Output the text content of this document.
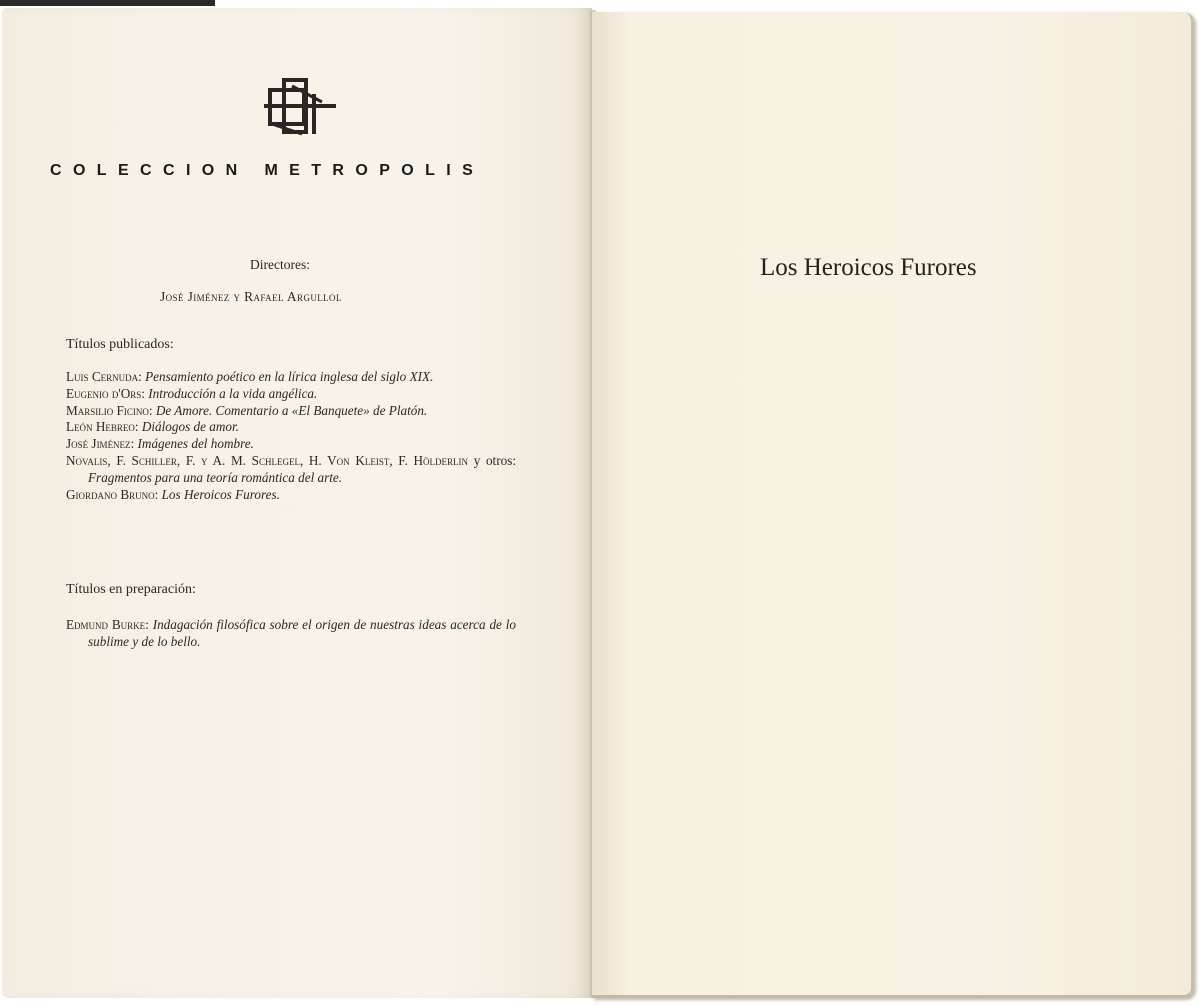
COLECCION METROPOLIS
Directores:
José Jiménez y Rafael Argullol
Títulos publicados:
Luis Cernuda: Pensamiento poético en la lírica inglesa del siglo XIX.
Eugenio d'Ors: Introducción a la vida angélica.
Marsilio Ficino: De Amore. Comentario a «El Banquete» de Platón.
León Hebreo: Diálogos de amor.
José Jiménez: Imágenes del hombre.
Novalis, F. Schiller, F. y A. M. Schlegel, H. Von Kleist, F. Hölderlin y otros: Fragmentos para una teoría romántica del arte.
Giordano Bruno: Los Heroicos Furores.
Títulos en preparación:
Edmund Burke: Indagación filosófica sobre el origen de nuestras ideas acerca de lo sublime y de lo bello.
Los Heroicos Furores
